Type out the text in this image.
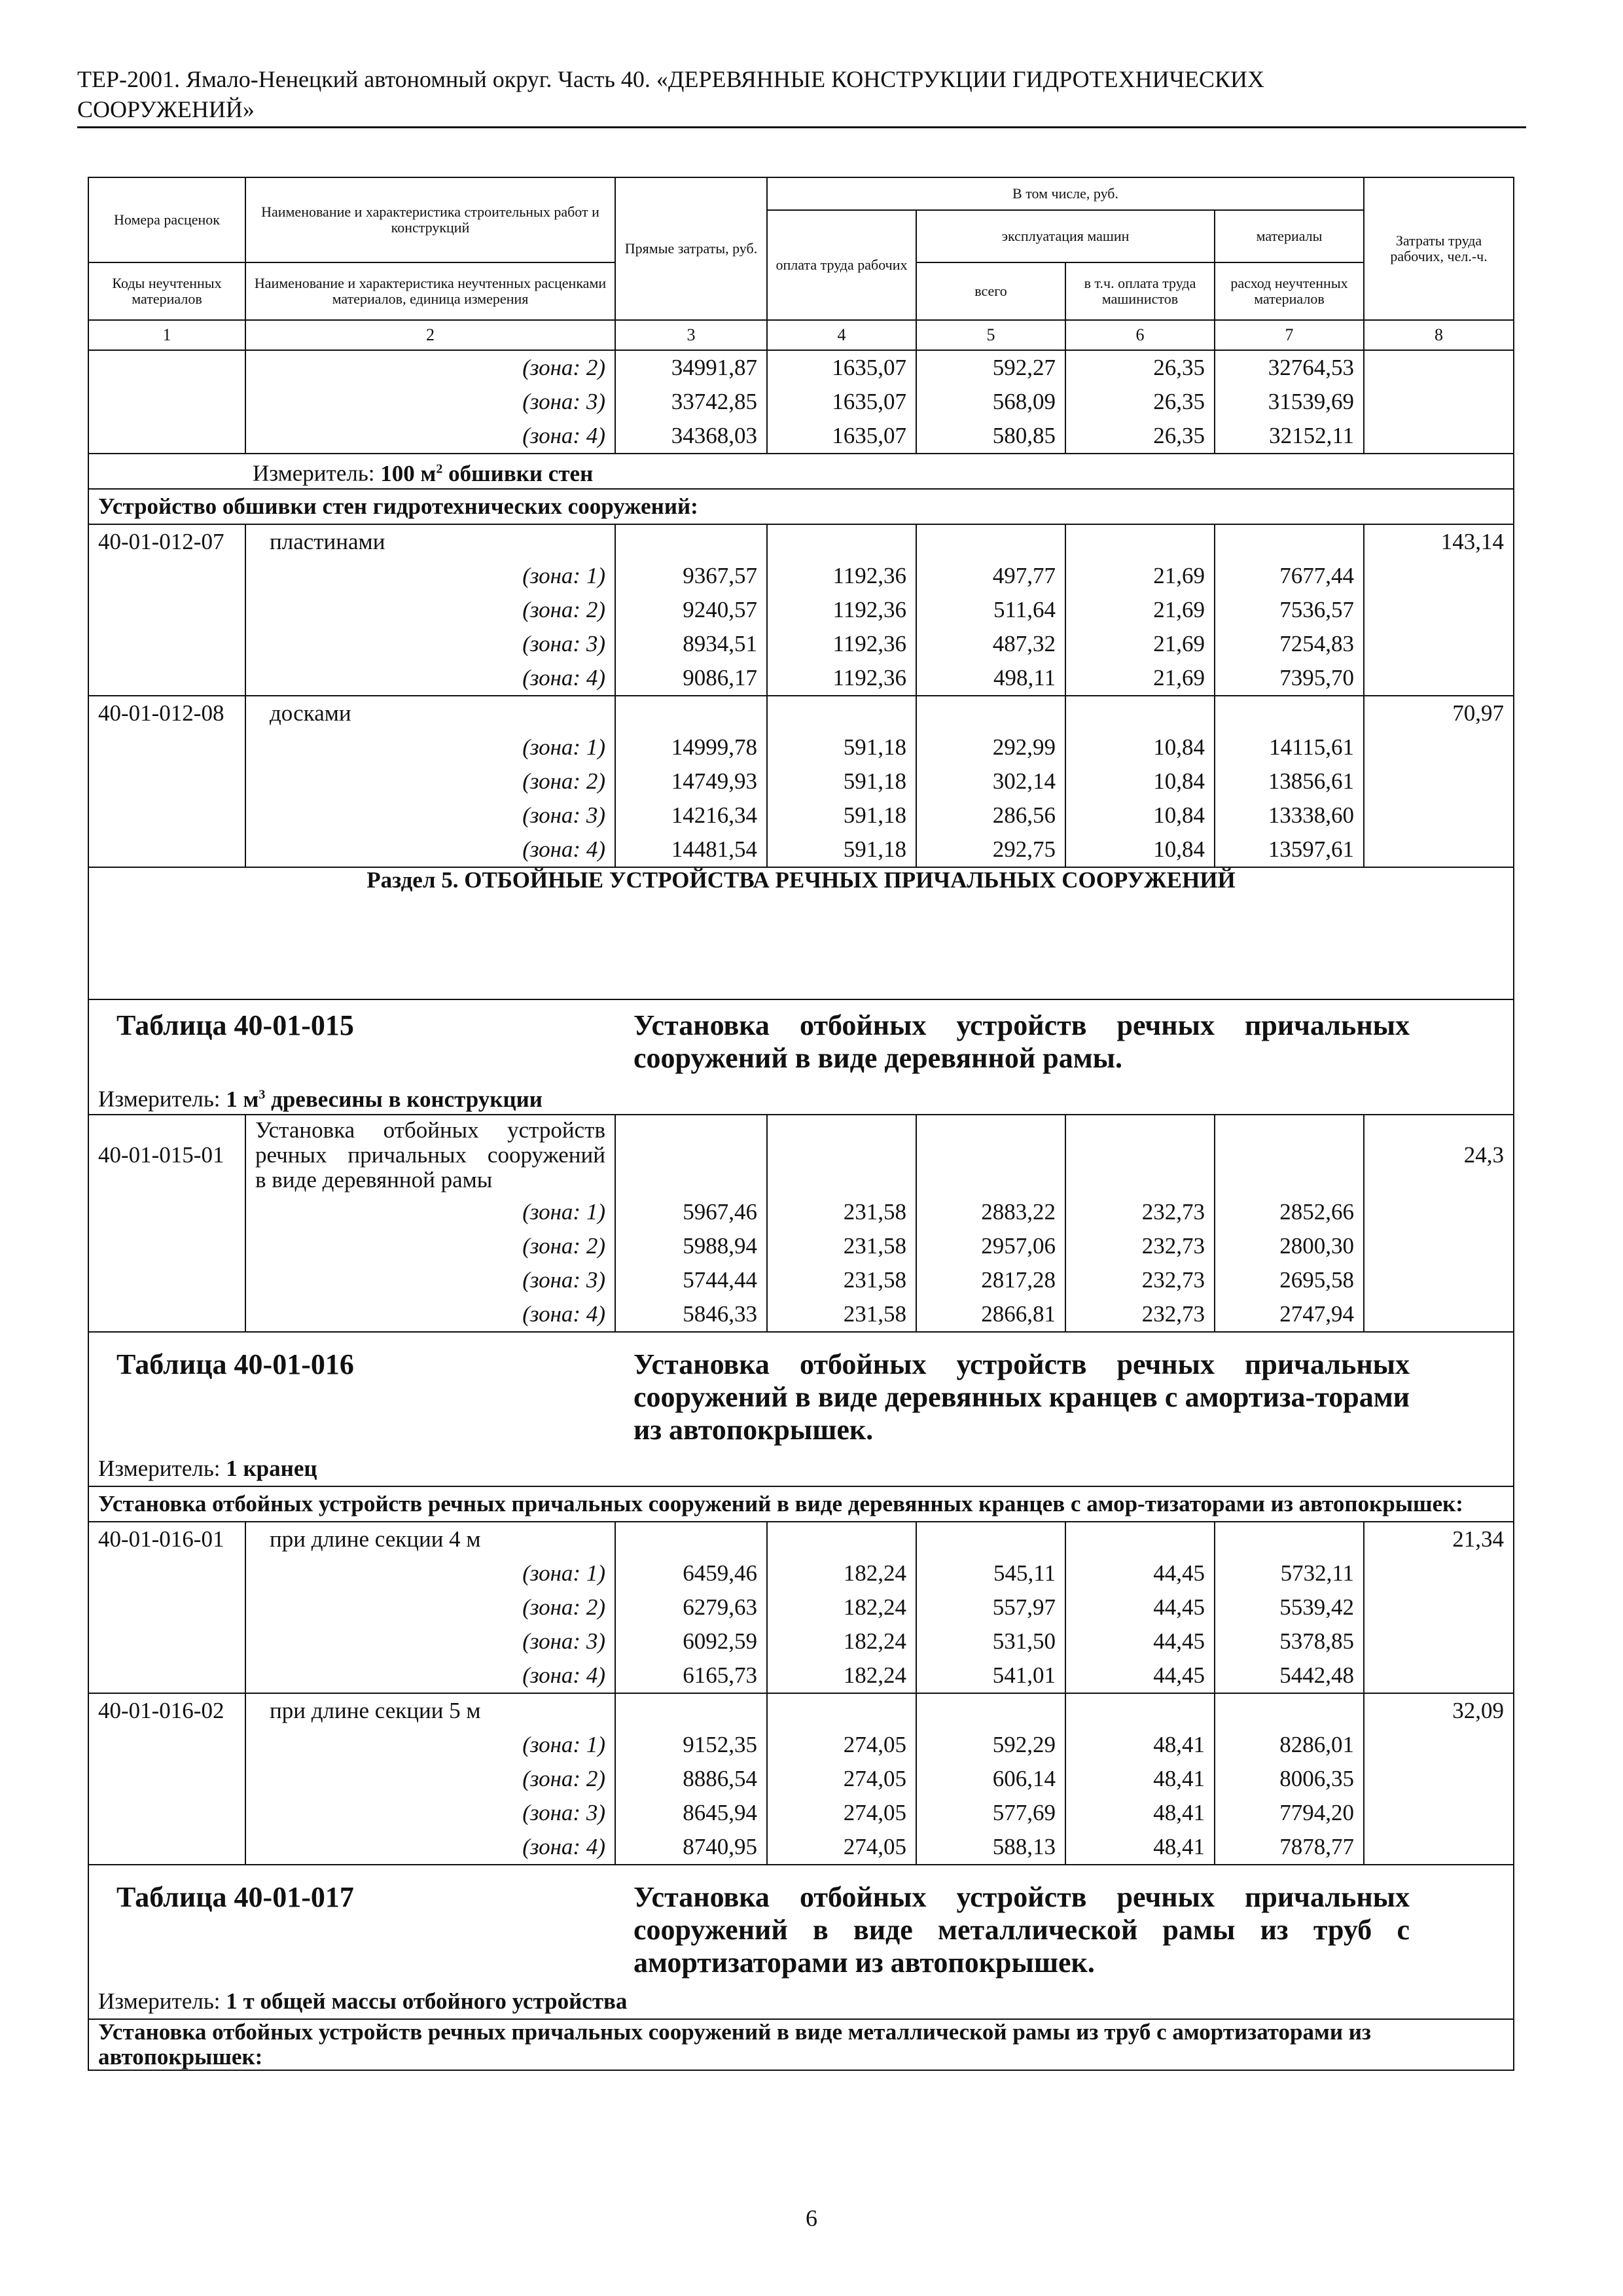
ТЕР-2001. Ямало-Ненецкий автономный округ. Часть 40. «ДЕРЕВЯННЫЕ КОНСТРУКЦИИ ГИДРОТЕХНИЧЕСКИХ
СООРУЖЕНИЙ»
Номера расценок	Наименование и характеристика строительных работ и конструкций	Прямые затраты, руб.	В том числе, руб.				Затраты труда рабочих, чел.-ч.
			оплата труда рабочих	эксплуатация машин		материалы	
Коды неучтенных материалов	Наименование и характеристика неучтенных расценками материалов, единица измерения			всего	в т.ч. оплата труда машинистов	расход неучтенных материалов	
1	2	3	4	5	6	7	8
	(зона: 2)	34991,87	1635,07	592,27	26,35	32764,53	
	(зона: 3)	33742,85	1635,07	568,09	26,35	31539,69	
	(зона: 4)	34368,03	1635,07	580,85	26,35	32152,11	
Измеритель: 100 $м^2$ обшивки стен							
Устройство обшивки стен гидротехнических сооружений:							
40-01-012-07	пластинами						143,14
	(зона: 1)	9367,57	1192,36	497,77	21,69	7677,44	
	(зона: 2)	9240,57	1192,36	511,64	21,69	7536,57	
	(зона: 3)	8934,51	1192,36	487,32	21,69	7254,83	
	(зона: 4)	9086,17	1192,36	498,11	21,69	7395,70	
40-01-012-08	досками						70,97
	(зона: 1)	14999,78	591,18	292,99	10,84	14115,61	
	(зона: 2)	14749,93	591,18	302,14	10,84	13856,61	
	(зона: 3)	14216,34	591,18	286,56	10,84	13338,60	
	(зона: 4)	14481,54	591,18	292,75	10,84	13597,61	
Раздел 5. ОТБОЙНЫЕ УСТРОЙСТВА РЕЧНЫХ ПРИЧАЛЬНЫХ СООРУЖЕНИЙ							

Таблица 40-01-015 Установка отбойных устройств речных причальных сооружений в виде деревянной рамы.							

Измеритель: 1 $м^3$ древесины в конструкции							
40-01-015-01	Установка отбойных устройств
речных причальных сооружений
в виде деревянной рамы						24,3
	(зона: 1)	5967,46	231,58	2883,22	232,73	2852,66	
	(зона: 2)	5988,94	231,58	2957,06	232,73	2800,30	
	(зона: 3)	5744,44	231,58	2817,28	232,73	2695,58	
	(зона: 4)	5846,33	231,58	2866,81	232,73	2747,94	

Таблица 40-01-016 Установка отбойных устройств речных причальных сооружений в виде деревянных кранцев с амортиза-торами из автопокрышек.							

Измеритель: 1 кранец							
Установка отбойных устройств речных причальных сооружений в виде деревянных кранцев с амор-тизаторами из автопокрышек:							
40-01-016-01	при длине секции 4 м						21,34
	(зона: 1)	6459,46	182,24	545,11	44,45	5732,11	
	(зона: 2)	6279,63	182,24	557,97	44,45	5539,42	
	(зона: 3)	6092,59	182,24	531,50	44,45	5378,85	
	(зона: 4)	6165,73	182,24	541,01	44,45	5442,48	
40-01-016-02	при длине секции 5 м						32,09
	(зона: 1)	9152,35	274,05	592,29	48,41	8286,01	
	(зона: 2)	8886,54	274,05	606,14	48,41	8006,35	
	(зона: 3)	8645,94	274,05	577,69	48,41	7794,20	
	(зона: 4)	8740,95	274,05	588,13	48,41	7878,77	

Таблица 40-01-017 Установка отбойных устройств речных причальных сооружений в виде металлической рамы из труб с амортизаторами из автопокрышек.							

Измеритель: 1 т общей массы отбойного устройства							
Установка отбойных устройств речных причальных сооружений в виде металлической рамы из труб с амортизаторами из автопокрышек:							
6
